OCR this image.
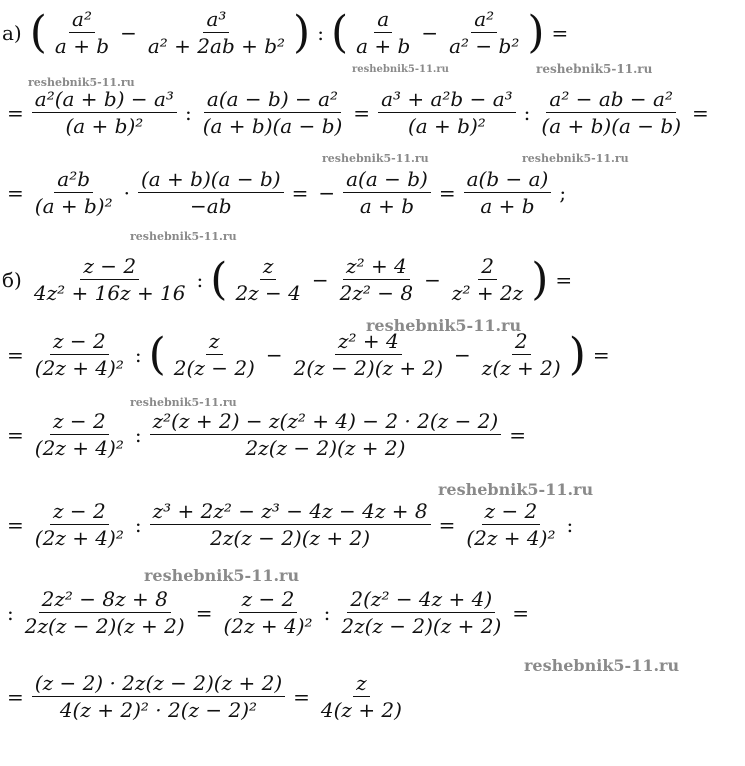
а) ( $\frac{\text{a²}}{a + b} - \frac{\text{a³}}{\text{a² + 2ab + b²}}$ ) : ( $\frac{a}{a + b} - \frac{\text{a²}}{\text{a² − b²}}$ ) =
= $\frac{\text{a²(a + b) − a³}}{\text{(a + b)²}}$ : $\frac{\text{a(a − b) − a²}}{(a + b)(a - b)} = \frac{\text{a³ + a²b − a³}}{\text{(a + b)²}}$ : $\frac{\text{a² − ab − a²}}{(a + b)(a - b)}$ =
= $\frac{\text{a²b}}{\text{(a + b)²}} \cdot \frac{(a + b)(a - b)}{-ab}$ = − $\frac{a(a - b)}{a + b} = \frac{a(b - a)}{a + b}$ ;
$б) \frac{z - 2}{\text{4z² + 16z + 16}}$ : ( $\frac{z}{2z - 4} - \frac{\text{z² + 4}}{\text{2z² − 8}} - \frac{2}{\text{z² + 2z}}$ ) =
= $\frac{z - 2}{\text{(2z + 4)²}}$ : ( $\frac{z}{2(z - 2)} - \frac{\text{z² + 4}}{2(z - 2)(z + 2)} - \frac{2}{z(z + 2)}$ ) =
= $\frac{z - 2}{\text{(2z + 4)²}}$ : $\frac{\text{z²(z + 2) − z(z² + 4) − 2 · 2(z − 2)}}{2z(z - 2)(z + 2)}$ =
= $\frac{z - 2}{\text{(2z + 4)²}}$ : $\frac{\text{z³ + 2z² − z³ − 4z − 4z + 8}}{2z(z - 2)(z + 2)} = \frac{z - 2}{\text{(2z + 4)²}}$ :
: $\frac{\text{2z² − 8z + 8}}{2z(z - 2)(z + 2)} = \frac{z - 2}{\text{(2z + 4)²}}$ : $\frac{\text{2(z² − 4z + 4)}}{2z(z - 2)(z + 2)}$ =
= $\frac{(z - 2) \cdot 2z(z - 2)(z + 2)}{\text{4(z + 2)² · 2(z − 2)²}} = \frac{z}{4(z + 2)}$
reshebnik5-11.ru
reshebnik5-11.ru	reshebnik5-11.ru
reshebnik5-11.ru	reshebnik5-11.ru
reshebnik5-11.ru
reshebnik5-11.ru
reshebnik5-11.ru
reshebnik5-11.ru
reshebnik5-11.ru
reshebnik5-11.ru
